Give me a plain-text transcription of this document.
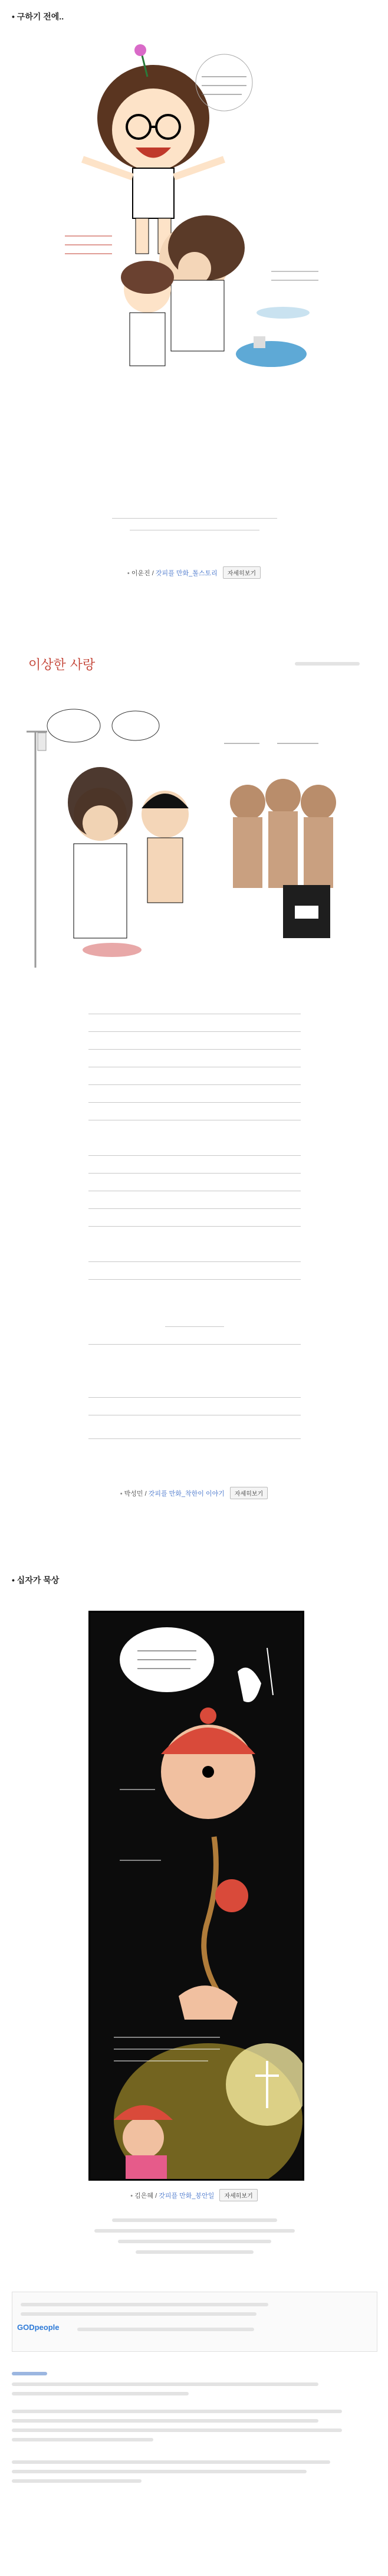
• 구하기 전에..
• 이운진 / 갓피플 만화_톨스토리 자세히보기
이상한 사랑
• 박성민 / 갓피플 만화_착한이 이야기 자세히보기
• 십자가 묵상
• 김은혜 / 갓피플 만화_붕안일 자세히보기
GODpeople
